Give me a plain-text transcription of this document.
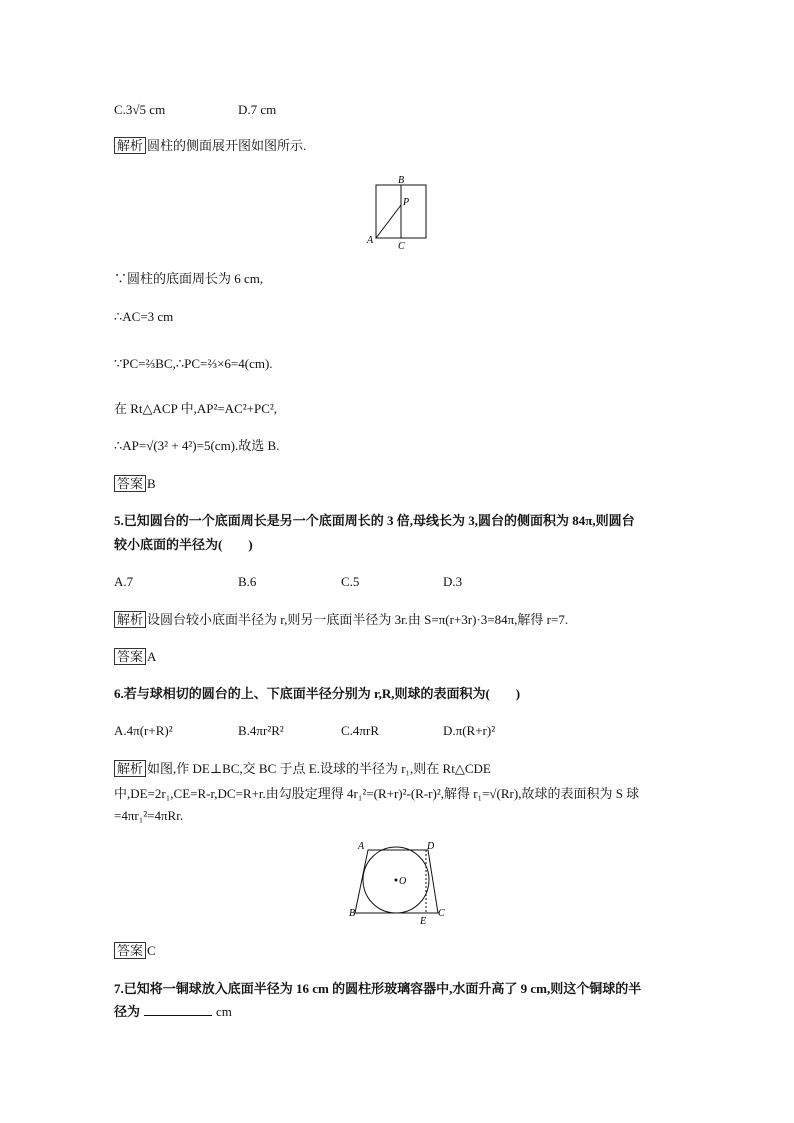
C.3√5 cm	D.7 cm
解析 圆柱的侧面展开图如图所示.
B
P
A
C
∵圆柱的底面周长为 6 cm,
∴AC=3 cm
∵PC=⅔BC,∴PC=⅔×6=4(cm).
在 Rt△ACP 中,AP²=AC²+PC²,
∴AP=√(3² + 4²)=5(cm).故选 B.
答案 B
5.已知圆台的一个底面周长是另一个底面周长的 3 倍,母线长为 3,圆台的侧面积为 84π,则圆台
较小底面的半径为(　　)
A.7	B.6	C.5	D.3
解析 设圆台较小底面半径为 r,则另一底面半径为 3r.由 S=π(r+3r)·3=84π,解得 r=7.
答案 A
6.若与球相切的圆台的上、下底面半径分别为 r,R,则球的表面积为(　　)
A.4π(r+R)²	B.4πr²R²	C.4πrR	D.π(R+r)²
解析 如图,作 DE⊥BC,交 BC 于点 E.设球的半径为 r₁,则在 Rt△CDE
中,DE=2r₁,CE=R-r,DC=R+r.由勾股定理得 4r₁²=(R+r)²-(R-r)²,解得 r₁=√(Rr),故球的表面积为 S 球
=4πr₁²=4πRr.
O
A	D
B	C
E
答案 C
7.已知将一铜球放入底面半径为 16 cm 的圆柱形玻璃容器中,水面升高了 9 cm,则这个铜球的半
径为	cm
